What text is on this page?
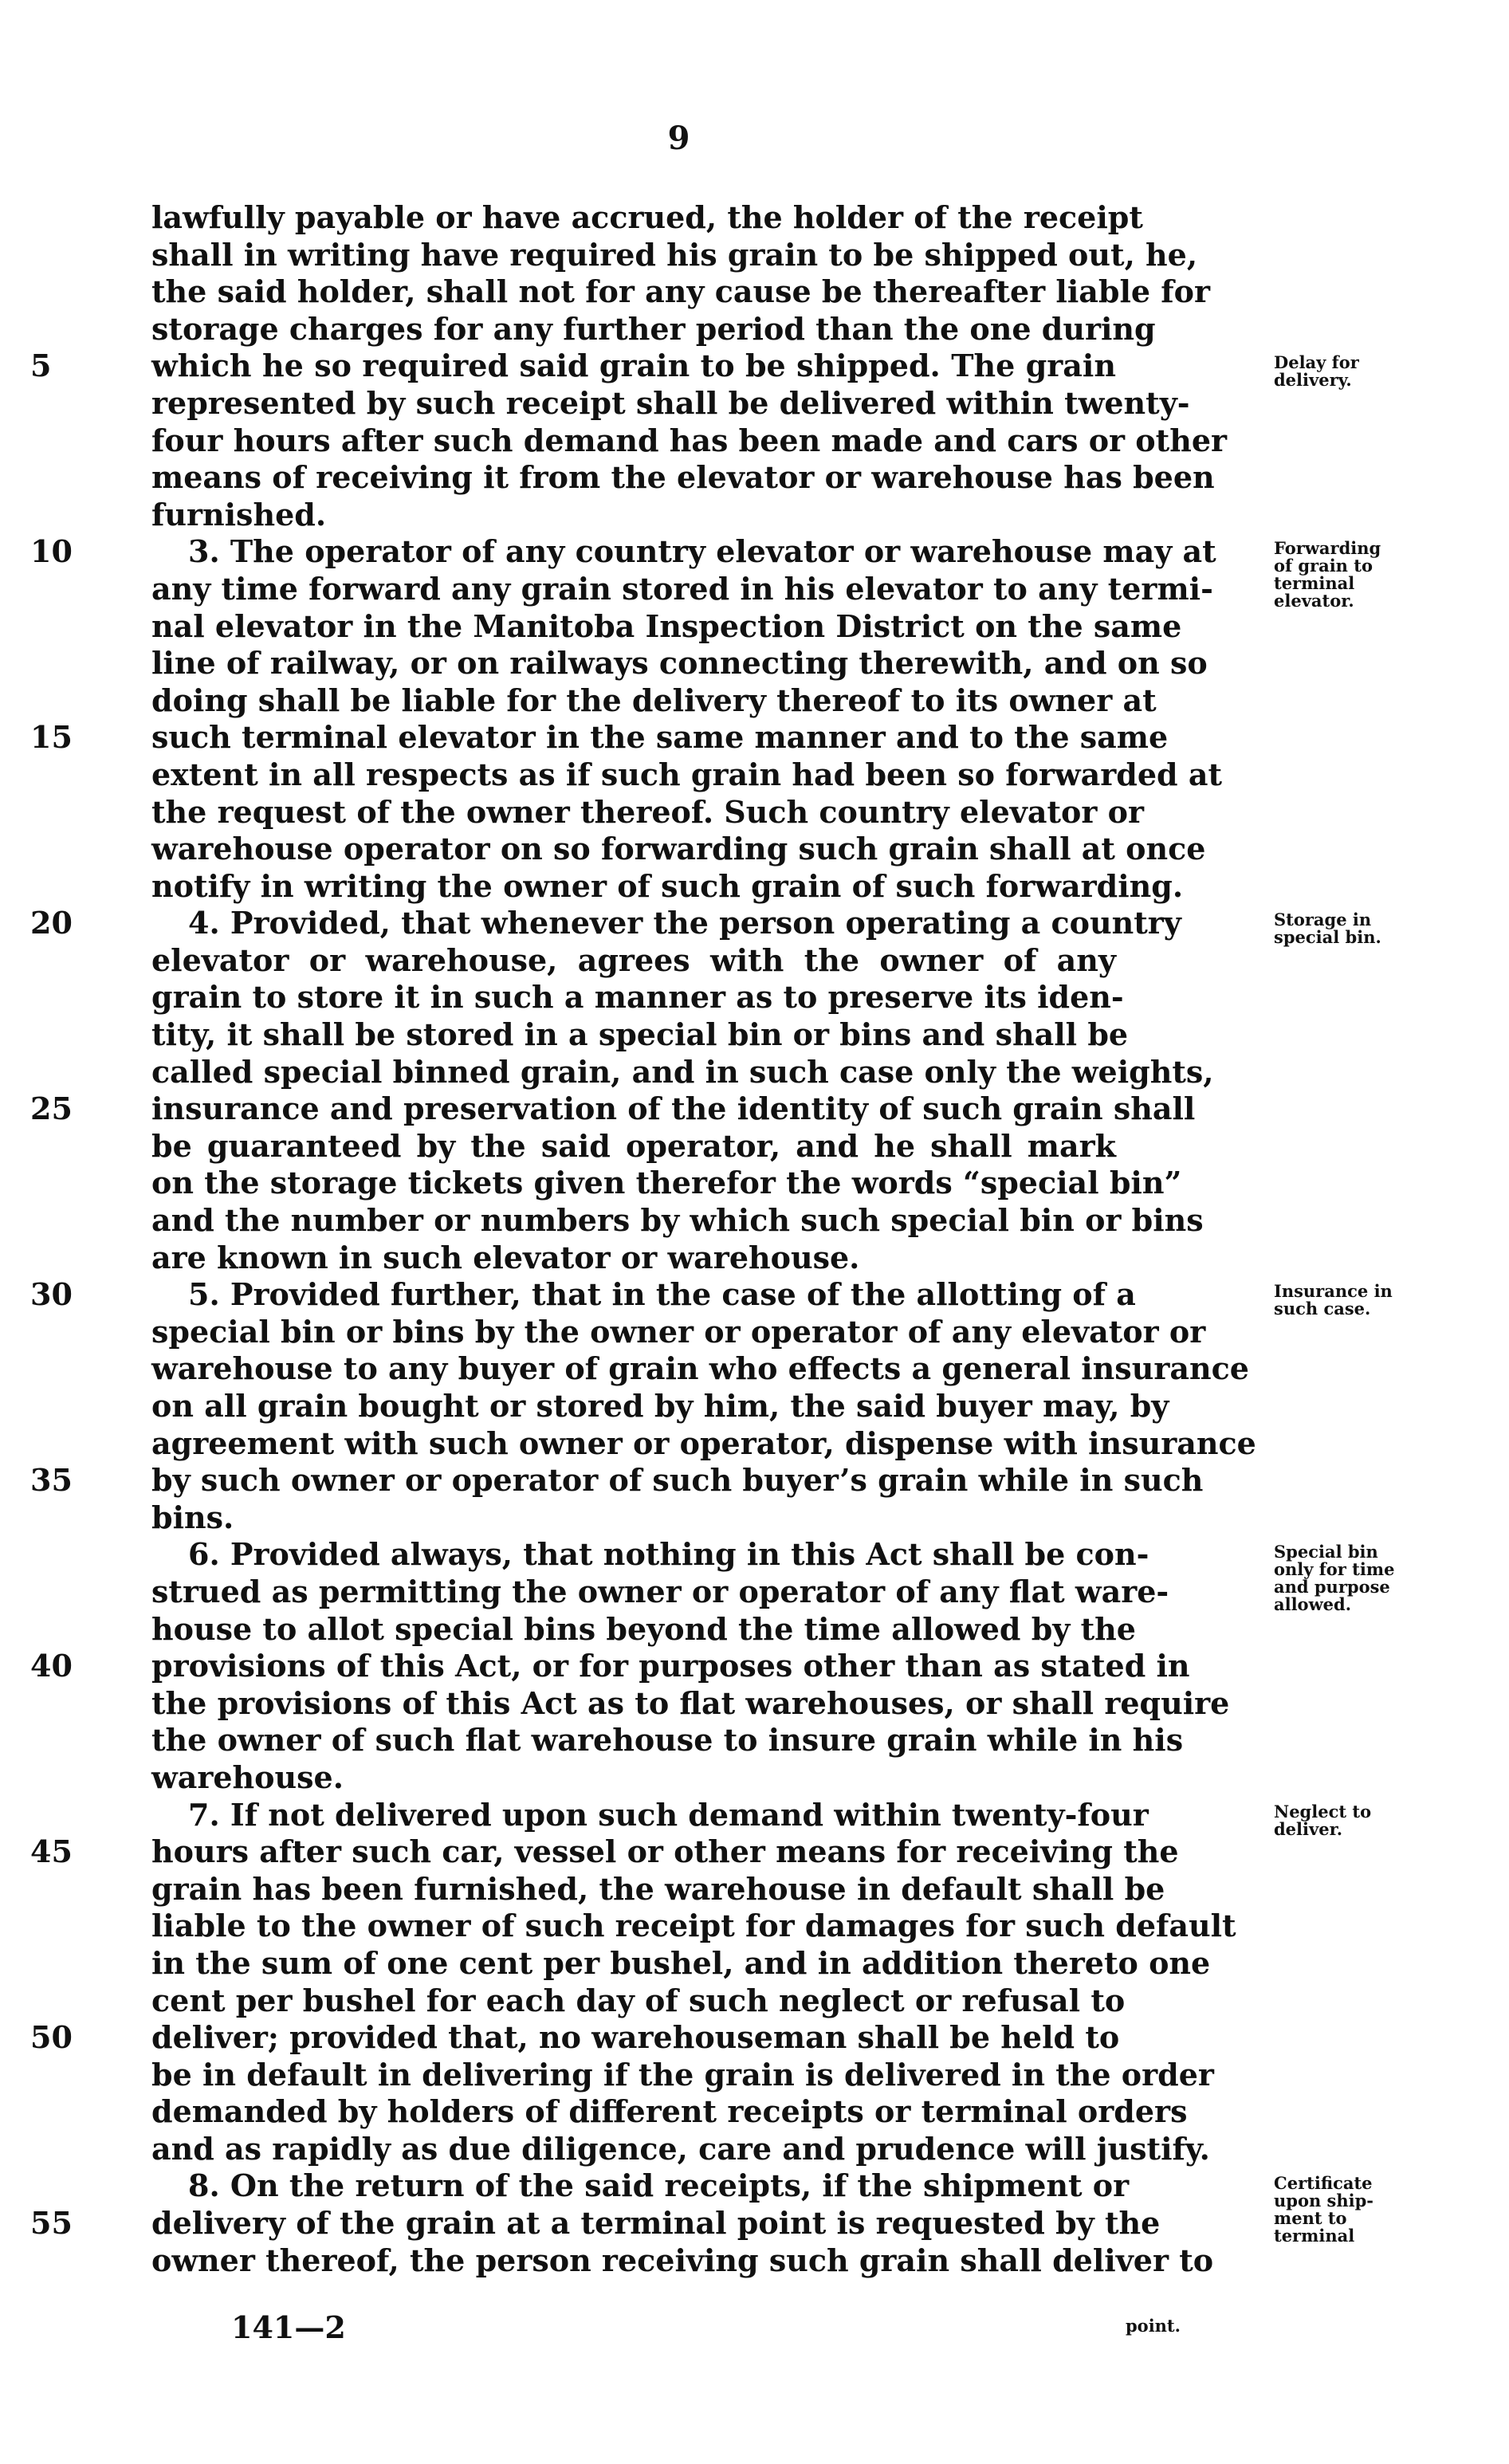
9
lawfully payable or have accrued, the holder of the receipt
shall in writing have required his grain to be shipped out, he,
the said holder, shall not for any cause be thereafter liable for
storage charges for any further period than the one during
which he so required said grain to be shipped. The grain
5
represented by such receipt shall be delivered within twenty-
four hours after such demand has been made and cars or other
means of receiving it from the elevator or warehouse has been
furnished.
3. The operator of any country elevator or warehouse may at
10
any time forward any grain stored in his elevator to any termi-
nal elevator in the Manitoba Inspection District on the same
line of railway, or on railways connecting therewith, and on so
doing shall be liable for the delivery thereof to its owner at
such terminal elevator in the same manner and to the same
15
extent in all respects as if such grain had been so forwarded at
the request of the owner thereof. Such country elevator or
warehouse operator on so forwarding such grain shall at once
notify in writing the owner of such grain of such forwarding.
4. Provided, that whenever the person operating a country
20
elevator or warehouse, agrees with the owner of any
grain to store it in such a manner as to preserve its iden-
tity, it shall be stored in a special bin or bins and shall be
called special binned grain, and in such case only the weights,
insurance and preservation of the identity of such grain shall
25
be guaranteed by the said operator, and he shall mark
on the storage tickets given therefor the words “special bin”
and the number or numbers by which such special bin or bins
are known in such elevator or warehouse.
5. Provided further, that in the case of the allotting of a
30
special bin or bins by the owner or operator of any elevator or
warehouse to any buyer of grain who effects a general insurance
on all grain bought or stored by him, the said buyer may, by
agreement with such owner or operator, dispense with insurance
by such owner or operator of such buyer’s grain while in such
35
bins.
6. Provided always, that nothing in this Act shall be con-
strued as permitting the owner or operator of any flat ware-
house to allot special bins beyond the time allowed by the
provisions of this Act, or for purposes other than as stated in
40
the provisions of this Act as to flat warehouses, or shall require
the owner of such flat warehouse to insure grain while in his
warehouse.
7. If not delivered upon such demand within twenty-four
hours after such car, vessel or other means for receiving the
45
grain has been furnished, the warehouse in default shall be
liable to the owner of such receipt for damages for such default
in the sum of one cent per bushel, and in addition thereto one
cent per bushel for each day of such neglect or refusal to
deliver; provided that, no warehouseman shall be held to
50
be in default in delivering if the grain is delivered in the order
demanded by holders of different receipts or terminal orders
and as rapidly as due diligence, care and prudence will justify.
8. On the return of the said receipts, if the shipment or
delivery of the grain at a terminal point is requested by the
55
owner thereof, the person receiving such grain shall deliver to
Delay for
delivery.
Forwarding
of grain to
terminal
elevator.
Storage in
special bin.
Insurance in
such case.
Special bin
only for time
and purpose
allowed.
Neglect to
deliver.
Certificate
upon ship-
ment to
terminal
141—2	point.
